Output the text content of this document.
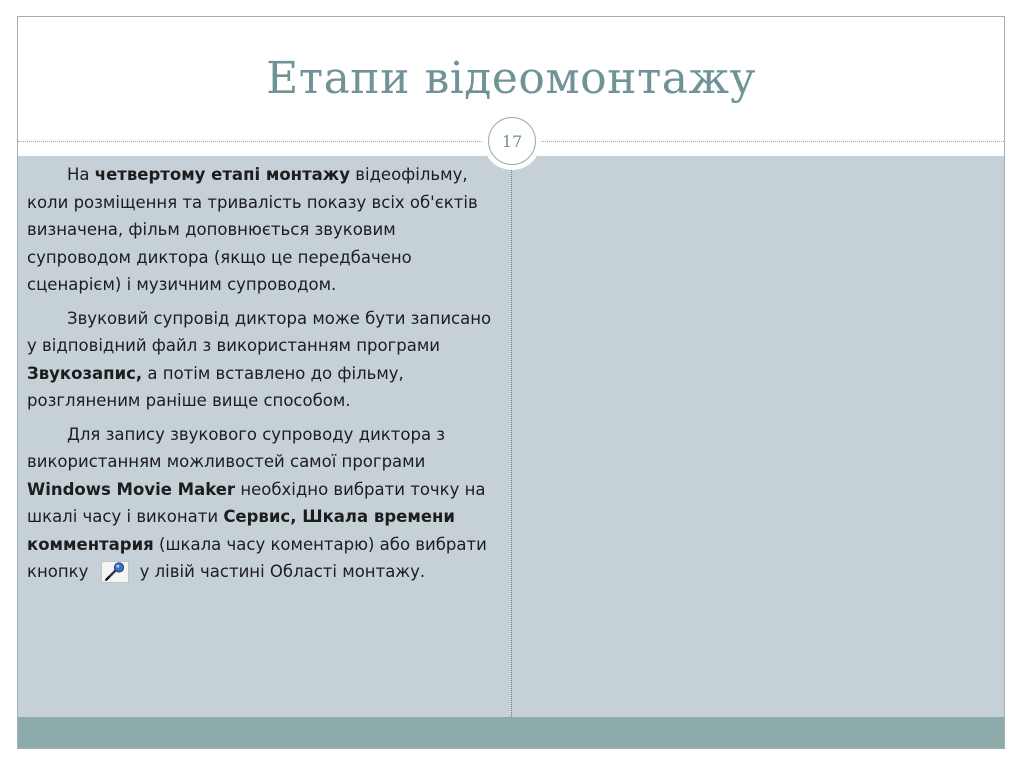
Етапи відеомонтажу
17

На четвертому етапі монтажу відеофільму, коли розміщення та тривалість показу всіх об'єктів визначена, фільм доповнюється звуковим супроводом диктора (якщо це передбачено сценарієм) і музичним супроводом.

Звуковий супровід диктора може бути записано у відповідний файл з використанням програми Звукозапис, а потім вставлено до фільму, розгляненим раніше вище способом.

Для запису звукового супроводу диктора з використанням можливостей самої програми Windows Movie Maker необхідно вибрати точку на шкалі часу і виконати Сервис, Шкала времени комментария (шкала часу коментарю) або вибрати кнопку	у лівій частині Області монтажу.
